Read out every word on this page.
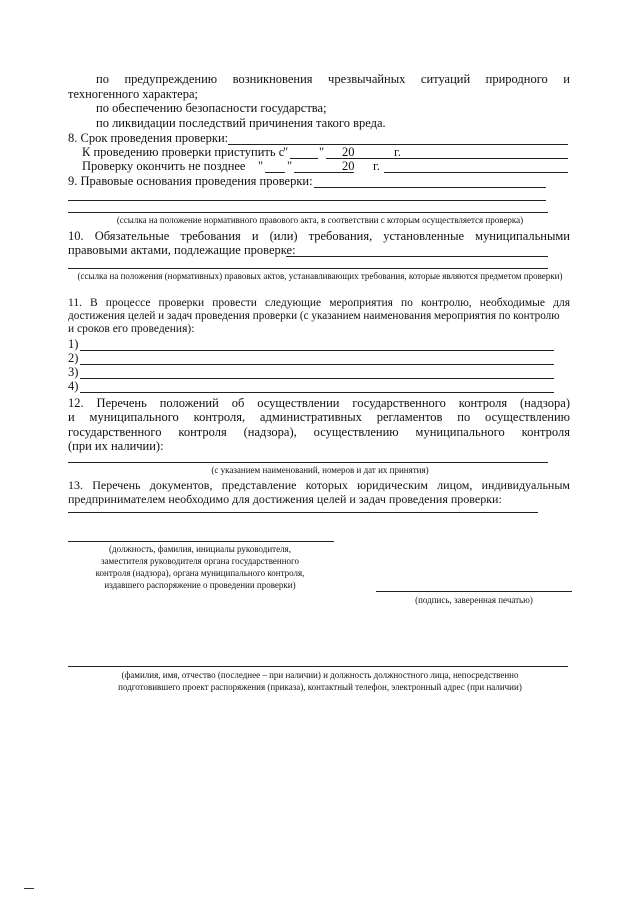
по предупреждению возникновения чрезвычайных ситуаций природного и
техногенного характера;
по обеспечению безопасности государства;
по ликвидации последствий причинения такого вреда.
8. Срок проведения проверки:
К проведению проверки приступить с
" " 20	г.
Проверку окончить не позднее " "	20 г.
9. Правовые основания проведения проверки:
(ссылка на положение нормативного правового акта, в соответствии с которым осуществляется проверка)
10. Обязательные требования и (или) требования, установленные муниципальными
правовыми актами, подлежащие проверке:
(ссылка на положения (нормативных) правовых актов, устанавливающих требования, которые являются предметом проверки)
11. В процессе проверки провести следующие мероприятия по контролю, необходимые для
достижения целей и задач проведения проверки (с указанием наименования мероприятия по контролю
и сроков его проведения):
1)
2)
3)
4)
12. Перечень положений об осуществлении государственного контроля (надзора)
и муниципального контроля, административных регламентов по осуществлению
государственного контроля (надзора), осуществлению муниципального контроля
(при их наличии):
(с указанием наименований, номеров и дат их принятия)
13. Перечень документов, представление которых юридическим лицом, индивидуальным
предпринимателем необходимо для достижения целей и задач проведения проверки:
(должность, фамилия, инициалы руководителя,
заместителя руководителя органа государственного
контроля (надзора), органа муниципального контроля,
издавшего распоряжение о проведении проверки)
(подпись, заверенная печатью)
(фамилия, имя, отчество (последнее – при наличии) и должность должностного лица, непосредственно
подготовившего проект распоряжения (приказа), контактный телефон, электронный адрес (при наличии)
